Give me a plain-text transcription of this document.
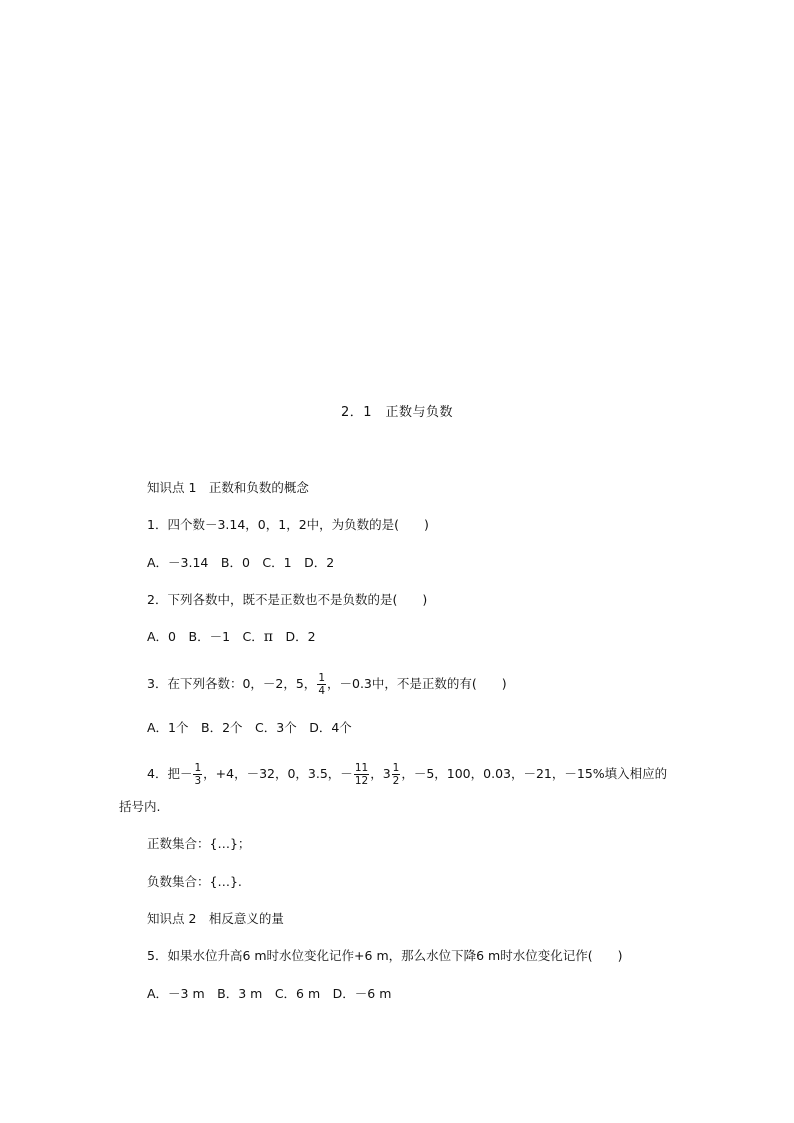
2．1　正数与负数
知识点 1　正数和负数的概念
1．四个数－3.14，0，1，2中，为负数的是(　　)
A．－3.14　B．0　C．1　D．2
2．下列各数中，既不是正数也不是负数的是(　　)
A．0　B．－1　C．π　D．2
3．在下列各数：0，－2，5， $\frac{1}{4}$ ，－0.3中，不是正数的有(　　)
A．1个　B．2个　C．3个　D．4个
4．把－ $\frac{1}{3}$ ，+4，－32，0，3.5，－ $\frac{11}{12}$ ，$3 \frac{1}{2}$ ，－5，100，0.03，－21，－15%填入相应的
括号内.
正数集合：{…}；
负数集合：{…}.
知识点 2　相反意义的量
5．如果水位升高6 m时水位变化记作+6 m，那么水位下降6 m时水位变化记作(　　)
A．－3 m　B．3 m　C．6 m　D．－6 m
